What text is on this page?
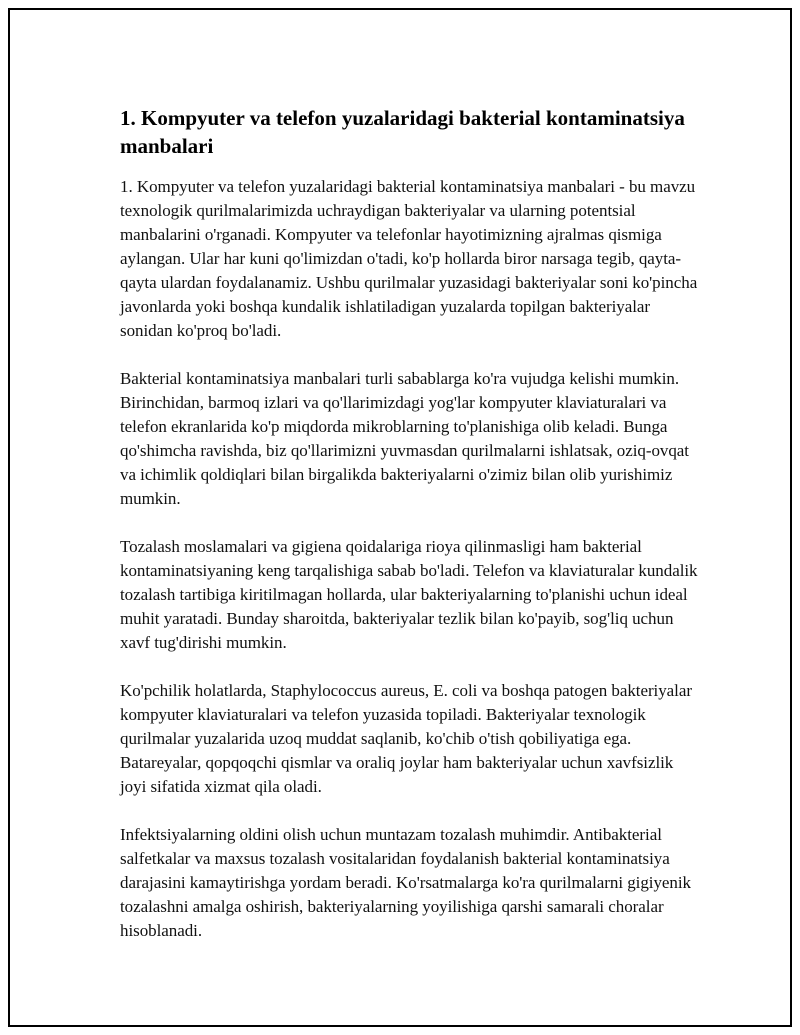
1. Kompyuter va telefon yuzalaridagi bakterial kontaminatsiya manbalari

1. Kompyuter va telefon yuzalaridagi bakterial kontaminatsiya manbalari - bu mavzu texnologik qurilmalarimizda uchraydigan bakteriyalar va ularning potentsial manbalarini o'rganadi. Kompyuter va telefonlar hayotimizning ajralmas qismiga aylangan. Ular har kuni qo'limizdan o'tadi, ko'p hollarda biror narsaga tegib, qayta-qayta ulardan foydalanamiz. Ushbu qurilmalar yuzasidagi bakteriyalar soni ko'pincha javonlarda yoki boshqa kundalik ishlatiladigan yuzalarda topilgan bakteriyalar sonidan ko'proq bo'ladi.

Bakterial kontaminatsiya manbalari turli sabablarga ko'ra vujudga kelishi mumkin. Birinchidan, barmoq izlari va qo'llarimizdagi yog'lar kompyuter klaviaturalari va telefon ekranlarida ko'p miqdorda mikroblarning to'planishiga olib keladi. Bunga qo'shimcha ravishda, biz qo'llarimizni yuvmasdan qurilmalarni ishlatsak, oziq-ovqat va ichimlik qoldiqlari bilan birgalikda bakteriyalarni o'zimiz bilan olib yurishimiz mumkin.

Tozalash moslamalari va gigiena qoidalariga rioya qilinmasligi ham bakterial kontaminatsiyaning keng tarqalishiga sabab bo'ladi. Telefon va klaviaturalar kundalik tozalash tartibiga kiritilmagan hollarda, ular bakteriyalarning to'planishi uchun ideal muhit yaratadi. Bunday sharoitda, bakteriyalar tezlik bilan ko'payib, sog'liq uchun xavf tug'dirishi mumkin.

Ko'pchilik holatlarda, Staphylococcus aureus, E. coli va boshqa patogen bakteriyalar kompyuter klaviaturalari va telefon yuzasida topiladi. Bakteriyalar texnologik qurilmalar yuzalarida uzoq muddat saqlanib, ko'chib o'tish qobiliyatiga ega. Batareyalar, qopqoqchi qismlar va oraliq joylar ham bakteriyalar uchun xavfsizlik joyi sifatida xizmat qila oladi.

Infektsiyalarning oldini olish uchun muntazam tozalash muhimdir. Antibakterial salfetkalar va maxsus tozalash vositalaridan foydalanish bakterial kontaminatsiya darajasini kamaytirishga yordam beradi. Ko'rsatmalarga ko'ra qurilmalarni gigiyenik tozalashni amalga oshirish, bakteriyalarning yoyilishiga qarshi samarali choralar hisoblanadi.
